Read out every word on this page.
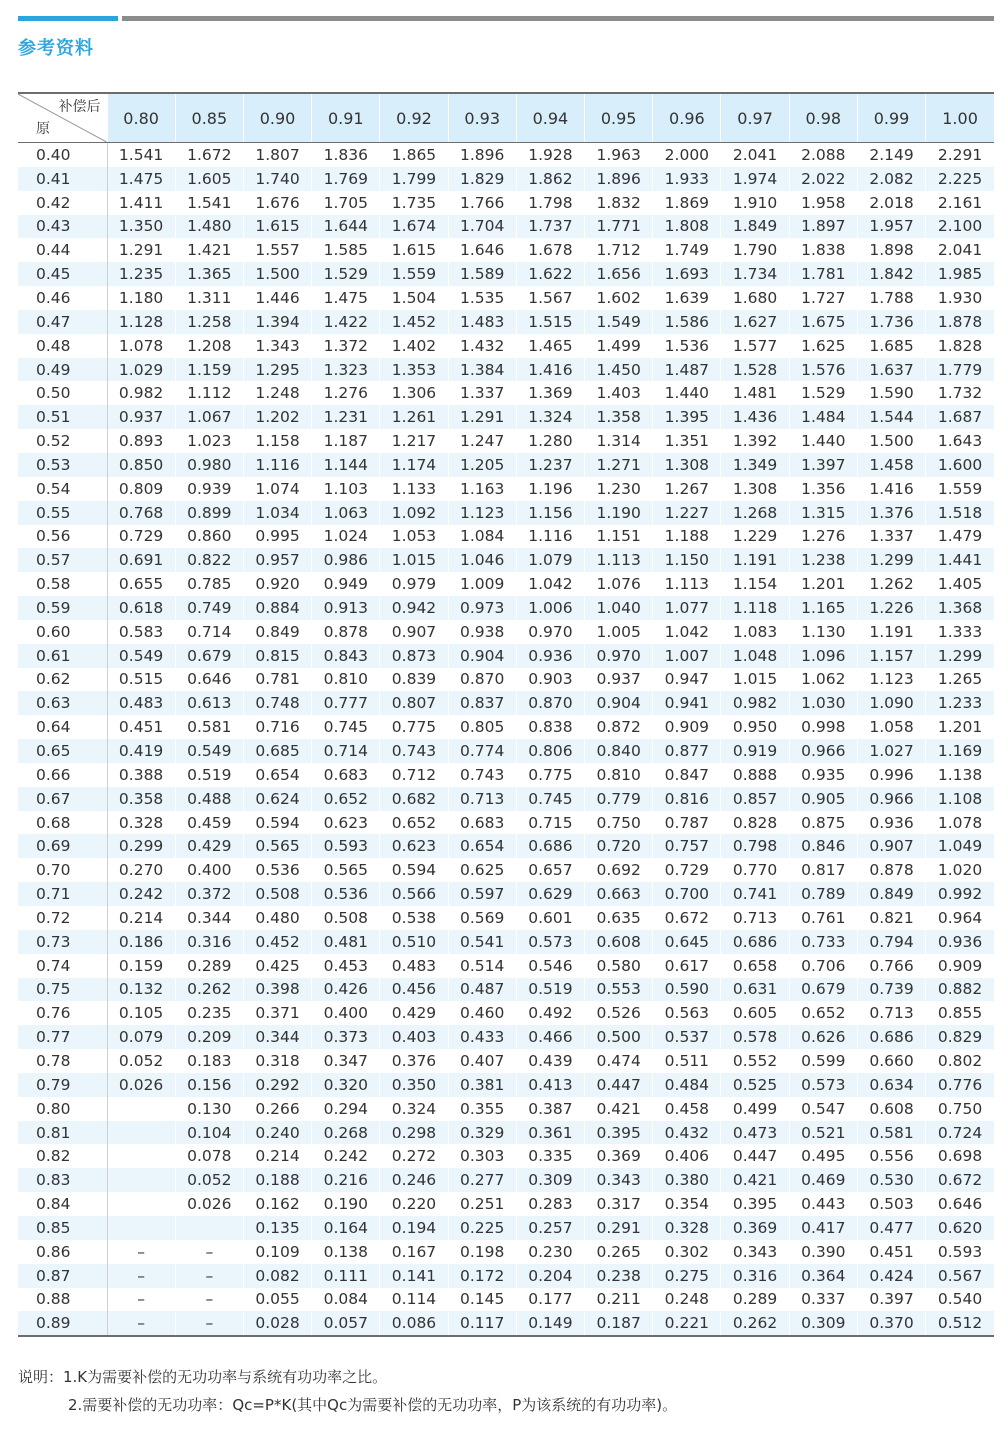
参考资料
补偿后
原	0.80	0.85	0.90	0.91	0.92	0.93	0.94	0.95	0.96	0.97	0.98	0.99	1.00
0.40	1.541	1.672	1.807	1.836	1.865	1.896	1.928	1.963	2.000	2.041	2.088	2.149	2.291
0.41	1.475	1.605	1.740	1.769	1.799	1.829	1.862	1.896	1.933	1.974	2.022	2.082	2.225
0.42	1.411	1.541	1.676	1.705	1.735	1.766	1.798	1.832	1.869	1.910	1.958	2.018	2.161
0.43	1.350	1.480	1.615	1.644	1.674	1.704	1.737	1.771	1.808	1.849	1.897	1.957	2.100
0.44	1.291	1.421	1.557	1.585	1.615	1.646	1.678	1.712	1.749	1.790	1.838	1.898	2.041
0.45	1.235	1.365	1.500	1.529	1.559	1.589	1.622	1.656	1.693	1.734	1.781	1.842	1.985
0.46	1.180	1.311	1.446	1.475	1.504	1.535	1.567	1.602	1.639	1.680	1.727	1.788	1.930
0.47	1.128	1.258	1.394	1.422	1.452	1.483	1.515	1.549	1.586	1.627	1.675	1.736	1.878
0.48	1.078	1.208	1.343	1.372	1.402	1.432	1.465	1.499	1.536	1.577	1.625	1.685	1.828
0.49	1.029	1.159	1.295	1.323	1.353	1.384	1.416	1.450	1.487	1.528	1.576	1.637	1.779
0.50	0.982	1.112	1.248	1.276	1.306	1.337	1.369	1.403	1.440	1.481	1.529	1.590	1.732
0.51	0.937	1.067	1.202	1.231	1.261	1.291	1.324	1.358	1.395	1.436	1.484	1.544	1.687
0.52	0.893	1.023	1.158	1.187	1.217	1.247	1.280	1.314	1.351	1.392	1.440	1.500	1.643
0.53	0.850	0.980	1.116	1.144	1.174	1.205	1.237	1.271	1.308	1.349	1.397	1.458	1.600
0.54	0.809	0.939	1.074	1.103	1.133	1.163	1.196	1.230	1.267	1.308	1.356	1.416	1.559
0.55	0.768	0.899	1.034	1.063	1.092	1.123	1.156	1.190	1.227	1.268	1.315	1.376	1.518
0.56	0.729	0.860	0.995	1.024	1.053	1.084	1.116	1.151	1.188	1.229	1.276	1.337	1.479
0.57	0.691	0.822	0.957	0.986	1.015	1.046	1.079	1.113	1.150	1.191	1.238	1.299	1.441
0.58	0.655	0.785	0.920	0.949	0.979	1.009	1.042	1.076	1.113	1.154	1.201	1.262	1.405
0.59	0.618	0.749	0.884	0.913	0.942	0.973	1.006	1.040	1.077	1.118	1.165	1.226	1.368
0.60	0.583	0.714	0.849	0.878	0.907	0.938	0.970	1.005	1.042	1.083	1.130	1.191	1.333
0.61	0.549	0.679	0.815	0.843	0.873	0.904	0.936	0.970	1.007	1.048	1.096	1.157	1.299
0.62	0.515	0.646	0.781	0.810	0.839	0.870	0.903	0.937	0.947	1.015	1.062	1.123	1.265
0.63	0.483	0.613	0.748	0.777	0.807	0.837	0.870	0.904	0.941	0.982	1.030	1.090	1.233
0.64	0.451	0.581	0.716	0.745	0.775	0.805	0.838	0.872	0.909	0.950	0.998	1.058	1.201
0.65	0.419	0.549	0.685	0.714	0.743	0.774	0.806	0.840	0.877	0.919	0.966	1.027	1.169
0.66	0.388	0.519	0.654	0.683	0.712	0.743	0.775	0.810	0.847	0.888	0.935	0.996	1.138
0.67	0.358	0.488	0.624	0.652	0.682	0.713	0.745	0.779	0.816	0.857	0.905	0.966	1.108
0.68	0.328	0.459	0.594	0.623	0.652	0.683	0.715	0.750	0.787	0.828	0.875	0.936	1.078
0.69	0.299	0.429	0.565	0.593	0.623	0.654	0.686	0.720	0.757	0.798	0.846	0.907	1.049
0.70	0.270	0.400	0.536	0.565	0.594	0.625	0.657	0.692	0.729	0.770	0.817	0.878	1.020
0.71	0.242	0.372	0.508	0.536	0.566	0.597	0.629	0.663	0.700	0.741	0.789	0.849	0.992
0.72	0.214	0.344	0.480	0.508	0.538	0.569	0.601	0.635	0.672	0.713	0.761	0.821	0.964
0.73	0.186	0.316	0.452	0.481	0.510	0.541	0.573	0.608	0.645	0.686	0.733	0.794	0.936
0.74	0.159	0.289	0.425	0.453	0.483	0.514	0.546	0.580	0.617	0.658	0.706	0.766	0.909
0.75	0.132	0.262	0.398	0.426	0.456	0.487	0.519	0.553	0.590	0.631	0.679	0.739	0.882
0.76	0.105	0.235	0.371	0.400	0.429	0.460	0.492	0.526	0.563	0.605	0.652	0.713	0.855
0.77	0.079	0.209	0.344	0.373	0.403	0.433	0.466	0.500	0.537	0.578	0.626	0.686	0.829
0.78	0.052	0.183	0.318	0.347	0.376	0.407	0.439	0.474	0.511	0.552	0.599	0.660	0.802
0.79	0.026	0.156	0.292	0.320	0.350	0.381	0.413	0.447	0.484	0.525	0.573	0.634	0.776
0.80		0.130	0.266	0.294	0.324	0.355	0.387	0.421	0.458	0.499	0.547	0.608	0.750
0.81		0.104	0.240	0.268	0.298	0.329	0.361	0.395	0.432	0.473	0.521	0.581	0.724
0.82		0.078	0.214	0.242	0.272	0.303	0.335	0.369	0.406	0.447	0.495	0.556	0.698
0.83		0.052	0.188	0.216	0.246	0.277	0.309	0.343	0.380	0.421	0.469	0.530	0.672
0.84		0.026	0.162	0.190	0.220	0.251	0.283	0.317	0.354	0.395	0.443	0.503	0.646
0.85			0.135	0.164	0.194	0.225	0.257	0.291	0.328	0.369	0.417	0.477	0.620
0.86	–	–	0.109	0.138	0.167	0.198	0.230	0.265	0.302	0.343	0.390	0.451	0.593
0.87	–	–	0.082	0.111	0.141	0.172	0.204	0.238	0.275	0.316	0.364	0.424	0.567
0.88	–	–	0.055	0.084	0.114	0.145	0.177	0.211	0.248	0.289	0.337	0.397	0.540
0.89	–	–	0.028	0.057	0.086	0.117	0.149	0.187	0.221	0.262	0.309	0.370	0.512
说明：1.K为需要补偿的无功功率与系统有功功率之比。
2.需要补偿的无功功率：Qc=P*K(其中Qc为需要补偿的无功功率，P为该系统的有功功率)。
